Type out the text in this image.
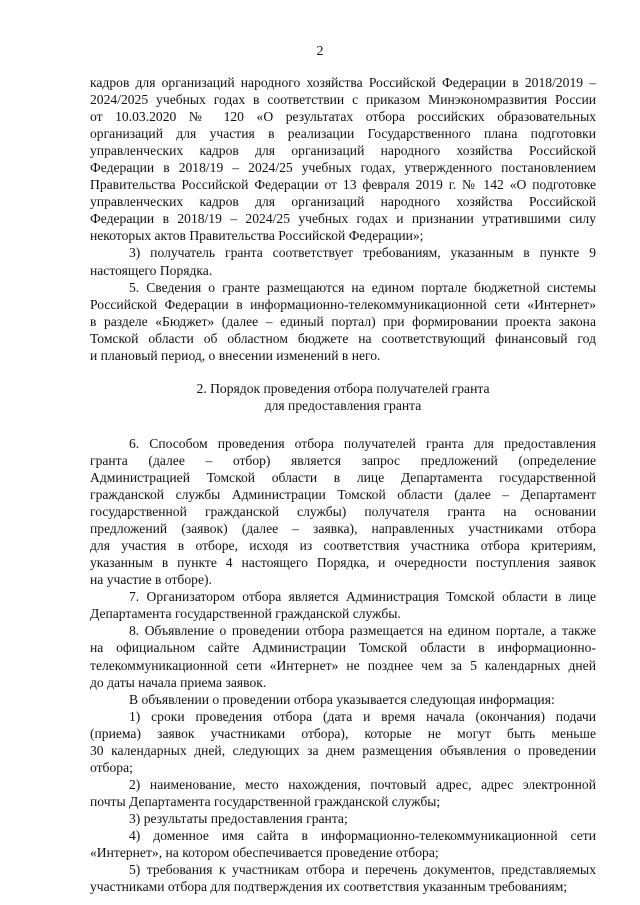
2
кадров для организаций народного хозяйства Российской Федерации в 2018/2019 –
2024/2025 учебных годах в соответствии с приказом Минэкономразвития России
от 10.03.2020 № 120 «О результатах отбора российских образовательных
организаций для участия в реализации Государственного плана подготовки
управленческих кадров для организаций народного хозяйства Российской
Федерации в 2018/19 – 2024/25 учебных годах, утвержденного постановлением
Правительства Российской Федерации от 13 февраля 2019 г. № 142 «О подготовке
управленческих кадров для организаций народного хозяйства Российской
Федерации в 2018/19 – 2024/25 учебных годах и признании утратившими силу
некоторых актов Правительства Российской Федерации»;
3) получатель гранта соответствует требованиям, указанным в пункте 9
настоящего Порядка.
5. Сведения о гранте размещаются на едином портале бюджетной системы
Российской Федерации в информационно-телекоммуникационной сети «Интернет»
в разделе «Бюджет» (далее – единый портал) при формировании проекта закона
Томской области об областном бюджете на соответствующий финансовый год
и плановый период, о внесении изменений в него.
2. Порядок проведения отбора получателей гранта
для предоставления гранта
6. Способом проведения отбора получателей гранта для предоставления
гранта (далее – отбор) является запрос предложений (определение
Администрацией Томской области в лице Департамента государственной
гражданской службы Администрации Томской области (далее – Департамент
государственной гражданской службы) получателя гранта на основании
предложений (заявок) (далее – заявка), направленных участниками отбора
для участия в отборе, исходя из соответствия участника отбора критериям,
указанным в пункте 4 настоящего Порядка, и очередности поступления заявок
на участие в отборе).
7. Организатором отбора является Администрация Томской области в лице
Департамента государственной гражданской службы.
8. Объявление о проведении отбора размещается на едином портале, а также
на официальном сайте Администрации Томской области в информационно-
телекоммуникационной сети «Интернет» не позднее чем за 5 календарных дней
до даты начала приема заявок.
В объявлении о проведении отбора указывается следующая информация:
1) сроки проведения отбора (дата и время начала (окончания) подачи
(приема) заявок участниками отбора), которые не могут быть меньше
30 календарных дней, следующих за днем размещения объявления о проведении
отбора;
2) наименование, место нахождения, почтовый адрес, адрес электронной
почты Департамента государственной гражданской службы;
3) результаты предоставления гранта;
4) доменное имя сайта в информационно-телекоммуникационной сети
«Интернет», на котором обеспечивается проведение отбора;
5) требования к участникам отбора и перечень документов, представляемых
участниками отбора для подтверждения их соответствия указанным требованиям;
